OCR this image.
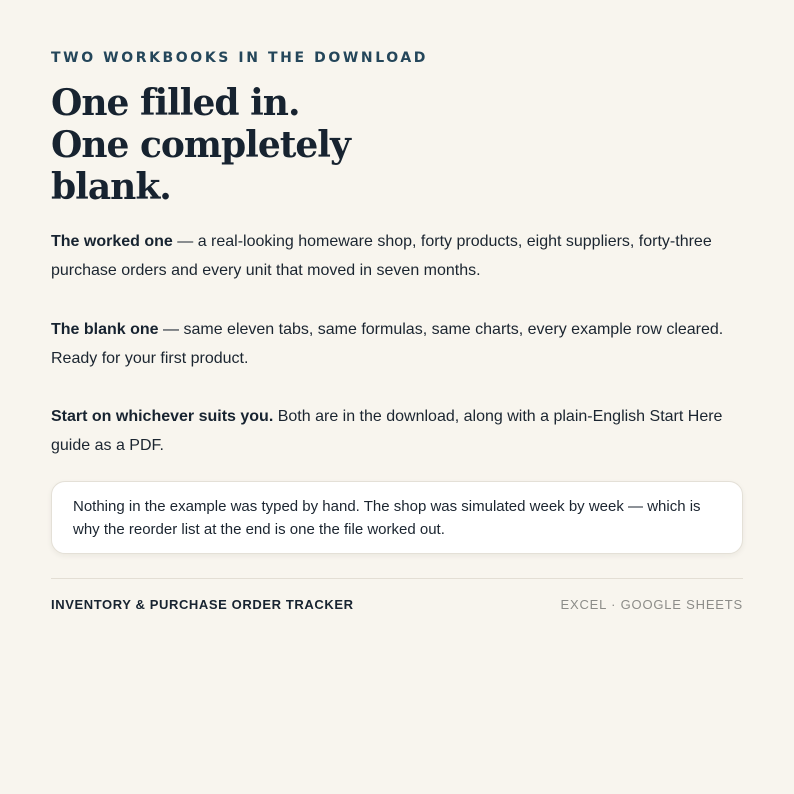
TWO WORKBOOKS IN THE DOWNLOAD

One filled in.
One completely
blank.

The worked one — a real-looking homeware shop, forty products, eight suppliers, forty-three purchase orders and every unit that moved in seven months.

The blank one — same eleven tabs, same formulas, same charts, every example row cleared. Ready for your first product.

Start on whichever suits you. Both are in the download, along with a plain-English Start Here guide as a PDF.

Nothing in the example was typed by hand. The shop was simulated week by week — which is why the reorder list at the end is one the file worked out.

INVENTORY & PURCHASE ORDER TRACKER	EXCEL · GOOGLE SHEETS
